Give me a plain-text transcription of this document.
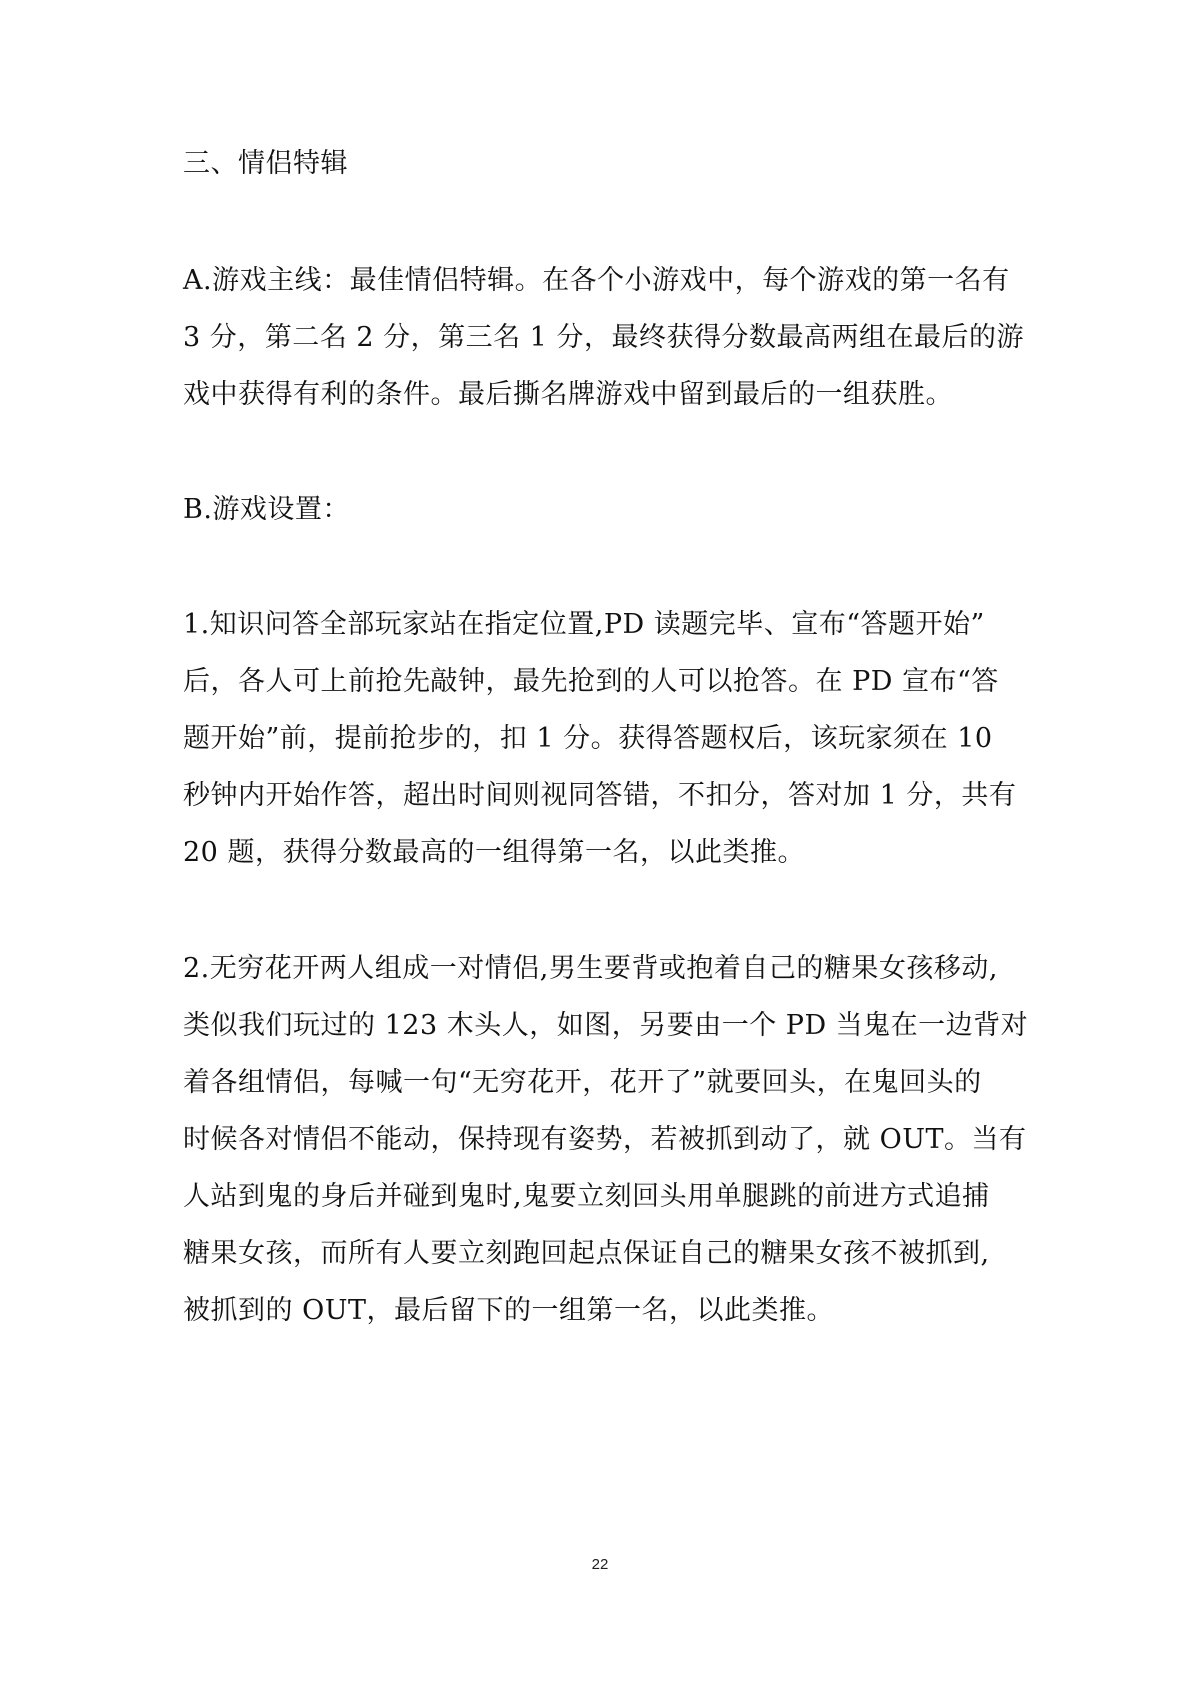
三、情侣特辑
A.游戏主线：最佳情侣特辑。在各个小游戏中，每个游戏的第一名有
3 分，第二名 2 分，第三名 1 分，最终获得分数最高两组在最后的游
戏中获得有利的条件。最后撕名牌游戏中留到最后的一组获胜。
B.游戏设置：
1.知识问答全部玩家站在指定位置,PD 读题完毕、宣布“答题开始”
后，各人可上前抢先敲钟，最先抢到的人可以抢答。在 PD 宣布“答
题开始”前，提前抢步的，扣 1 分。获得答题权后，该玩家须在 10
秒钟内开始作答，超出时间则视同答错，不扣分，答对加 1 分，共有
20 题，获得分数最高的一组得第一名，以此类推。
2.无穷花开两人组成一对情侣,男生要背或抱着自己的糖果女孩移动,
类似我们玩过的 123 木头人，如图，另要由一个 PD 当鬼在一边背对
着各组情侣，每喊一句“无穷花开，花开了”就要回头，在鬼回头的
时候各对情侣不能动，保持现有姿势，若被抓到动了，就 OUT。当有
人站到鬼的身后并碰到鬼时,鬼要立刻回头用单腿跳的前进方式追捕
糖果女孩，而所有人要立刻跑回起点保证自己的糖果女孩不被抓到,
被抓到的 OUT，最后留下的一组第一名，以此类推。
22
